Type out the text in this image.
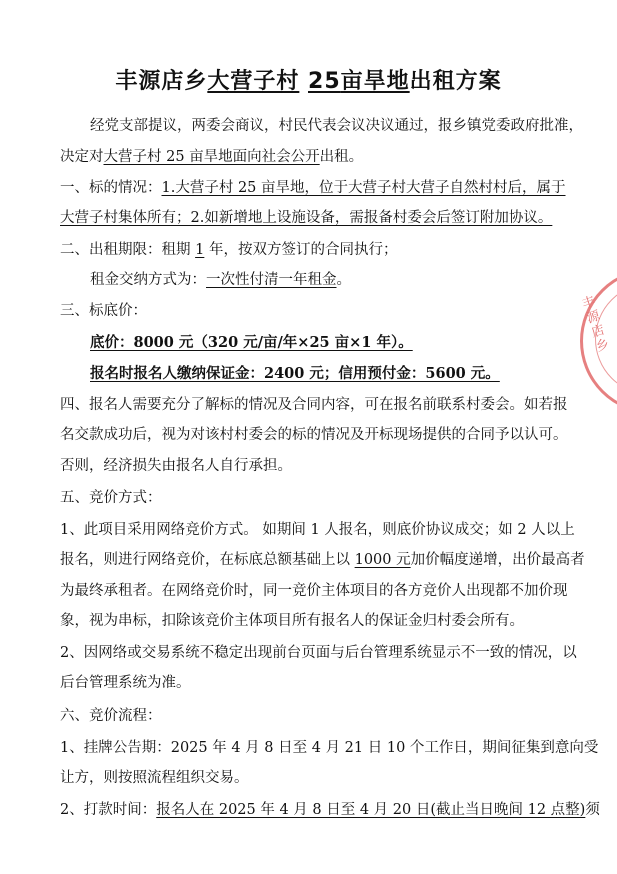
丰源店乡大营子村 25亩旱地出租方案
经党支部提议，两委会商议，村民代表会议决议通过，报乡镇党委政府批准，
决定对大营子村 25 亩旱地面向社会公开出租。
一、标的情况：1.大营子村 25 亩旱地，位于大营子村大营子自然村村后，属于
大营子村集体所有；2.如新增地上设施设备，需报备村委会后签订附加协议。
二、出租期限：租期 1 年，按双方签订的合同执行；
租金交纳方式为：一次性付清一年租金。
三、标底价：
底价：8000 元（320 元/亩/年×25 亩×1 年）。
报名时报名人缴纳保证金：2400 元；信用预付金：5600 元。
四、报名人需要充分了解标的情况及合同内容，可在报名前联系村委会。如若报
名交款成功后，视为对该村村委会的标的情况及开标现场提供的合同予以认可。
否则，经济损失由报名人自行承担。
五、竞价方式：
1、此项目采用网络竞价方式。 如期间 1 人报名，则底价协议成交；如 2 人以上
报名，则进行网络竞价，在标底总额基础上以 1000 元加价幅度递增，出价最高者
为最终承租者。在网络竞价时，同一竞价主体项目的各方竞价人出现都不加价现
象，视为串标，扣除该竞价主体项目所有报名人的保证金归村委会所有。
2、因网络或交易系统不稳定出现前台页面与后台管理系统显示不一致的情况，以
后台管理系统为准。
六、竞价流程：
1、挂牌公告期：2025 年 4 月 8 日至 4 月 21 日 10 个工作日，期间征集到意向受
让方，则按照流程组织交易。
2、打款时间：报名人在 2025 年 4 月 8 日至 4 月 20 日(截止当日晚间 12 点整)须
丰源店乡
